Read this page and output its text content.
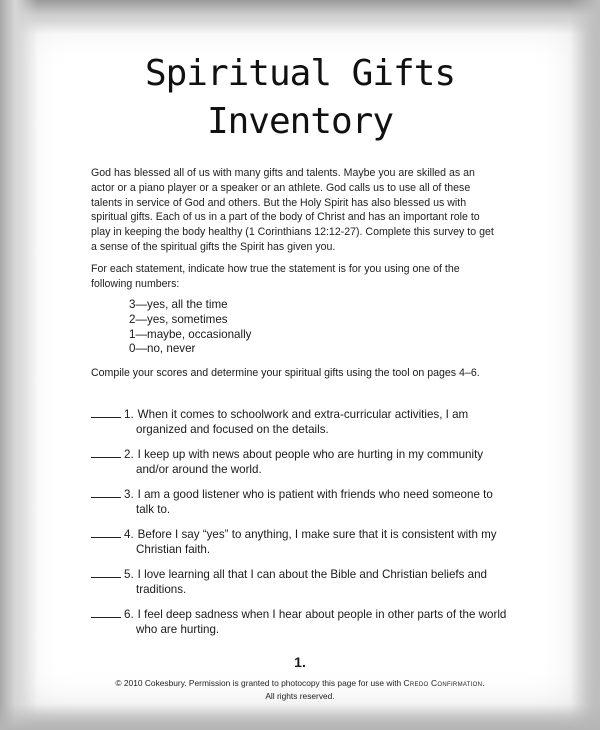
Spiritual Gifts
Inventory
God has blessed all of us with many gifts and talents. Maybe you are skilled as an
actor or a piano player or a speaker or an athlete. God calls us to use all of these
talents in service of God and others. But the Holy Spirit has also blessed us with
spiritual gifts. Each of us in a part of the body of Christ and has an important role to
play in keeping the body healthy (1 Corinthians 12:12-27). Complete this survey to get
a sense of the spiritual gifts the Spirit has given you.
For each statement, indicate how true the statement is for you using one of the
following numbers:
3—yes, all the time
2—yes, sometimes
1—maybe, occasionally
0—no, never
Compile your scores and determine your spiritual gifts using the tool on pages 4–6.
1. When it comes to schoolwork and extra-curricular activities, I am
organized and focused on the details.
2. I keep up with news about people who are hurting in my community
and/or around the world.
3. I am a good listener who is patient with friends who need someone to
talk to.
4. Before I say “yes” to anything, I make sure that it is consistent with my
Christian faith.
5. I love learning all that I can about the Bible and Christian beliefs and
traditions.
6. I feel deep sadness when I hear about people in other parts of the world
who are hurting.
1.
© 2010 Cokesbury. Permission is granted to photocopy this page for use with Credo Confirmation.
All rights reserved.
